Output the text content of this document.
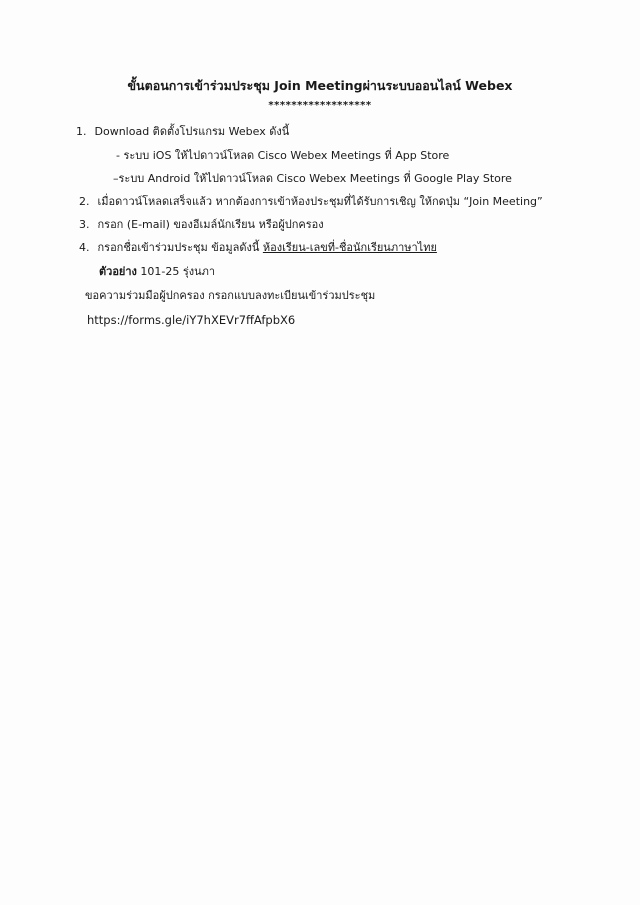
ขั้นตอนการเข้าร่วมประชุม Join Meetingผ่านระบบออนไลน์ Webex
******************
1. Download ติดตั้งโปรแกรม Webex ดังนี้
- ระบบ iOS ให้ไปดาวน์โหลด Cisco Webex Meetings ที่ App Store
–ระบบ Android ให้ไปดาวน์โหลด Cisco Webex Meetings ที่ Google Play Store
2. เมื่อดาวน์โหลดเสร็จแล้ว หากต้องการเข้าห้องประชุมที่ได้รับการเชิญ ให้กดปุ่ม “Join Meeting”
3. กรอก (E-mail) ของอีเมล์นักเรียน หรือผู้ปกครอง
4. กรอกชื่อเข้าร่วมประชุม ข้อมูลดังนี้ ห้องเรียน-เลขที่-ชื่อนักเรียนภาษาไทย
ตัวอย่าง 101-25 รุ่งนภา
ขอความร่วมมือผู้ปกครอง กรอกแบบลงทะเบียนเข้าร่วมประชุม
https://forms.gle/iY7hXEVr7ffAfpbX6
